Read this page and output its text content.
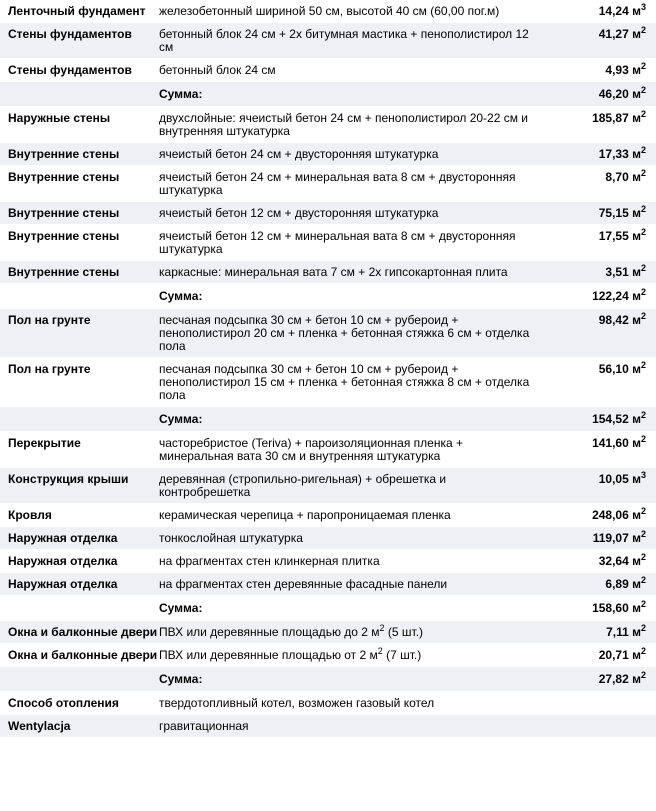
Ленточный фундамент	железобетонный шириной 50 см, высотой 40 см (60,00 пог.м)	14,24 $м^3$
Стены фундаментов	бетонный блок 24 см + 2x битумная мастика + пенополистирол 12 см	41,27 $м^2$
Стены фундаментов	бетонный блок 24 см	4,93 $м^2$
	Сумма:	46,20 $м^2$
Наружные стены	двухслойные: ячеистый бетон 24 см + пенополистирол 20-22 см и внутренняя штукатурка	185,87 $м^2$
Внутренние стены	ячеистый бетон 24 см + двусторонняя штукатурка	17,33 $м^2$
Внутренние стены	ячеистый бетон 24 см + минеральная вата 8 см + двусторонняя штукатурка	8,70 $м^2$
Внутренние стены	ячеистый бетон 12 см + двусторонняя штукатурка	75,15 $м^2$
Внутренние стены	ячеистый бетон 12 см + минеральная вата 8 см + двусторонняя штукатурка	17,55 $м^2$
Внутренние стены	каркасные: минеральная вата 7 см + 2x гипсокартонная плита	3,51 $м^2$
	Сумма:	122,24 $м^2$
Пол на грунте	песчаная подсыпка 30 см + бетон 10 см + рубероид + пенополистирол 20 см + пленка + бетонная стяжка 6 см + отделка пола	98,42 $м^2$
Пол на грунте	песчаная подсыпка 30 см + бетон 10 см + рубероид + пенополистирол 15 см + пленка + бетонная стяжка 8 см + отделка пола	56,10 $м^2$
	Сумма:	154,52 $м^2$
Перекрытие	часторебристое (Teriva) + пароизоляционная пленка + минеральная вата 30 см и внутренняя штукатурка	141,60 $м^2$
Конструкция крыши	деревянная (стропильно-ригельная) + обрешетка и контробрешетка	10,05 $м^3$
Кровля	керамическая черепица + паропроницаемая пленка	248,06 $м^2$
Наружная отделка	тонкослойная штукатурка	119,07 $м^2$
Наружная отделка	на фрагментах стен клинкерная плитка	32,64 $м^2$
Наружная отделка	на фрагментах стен деревянные фасадные панели	6,89 $м^2$
	Сумма:	158,60 $м^2$
Окна и балконные двери	ПВХ или деревянные площадью до 2 $м^2$ (5 шт.)	7,11 $м^2$
Окна и балконные двери	ПВХ или деревянные площадью от 2 $м^2$ (7 шт.)	20,71 $м^2$
	Сумма:	27,82 $м^2$
Способ отопления	твердотопливный котел, возможен газовый котел	
Wentylacja	гравитационная	
